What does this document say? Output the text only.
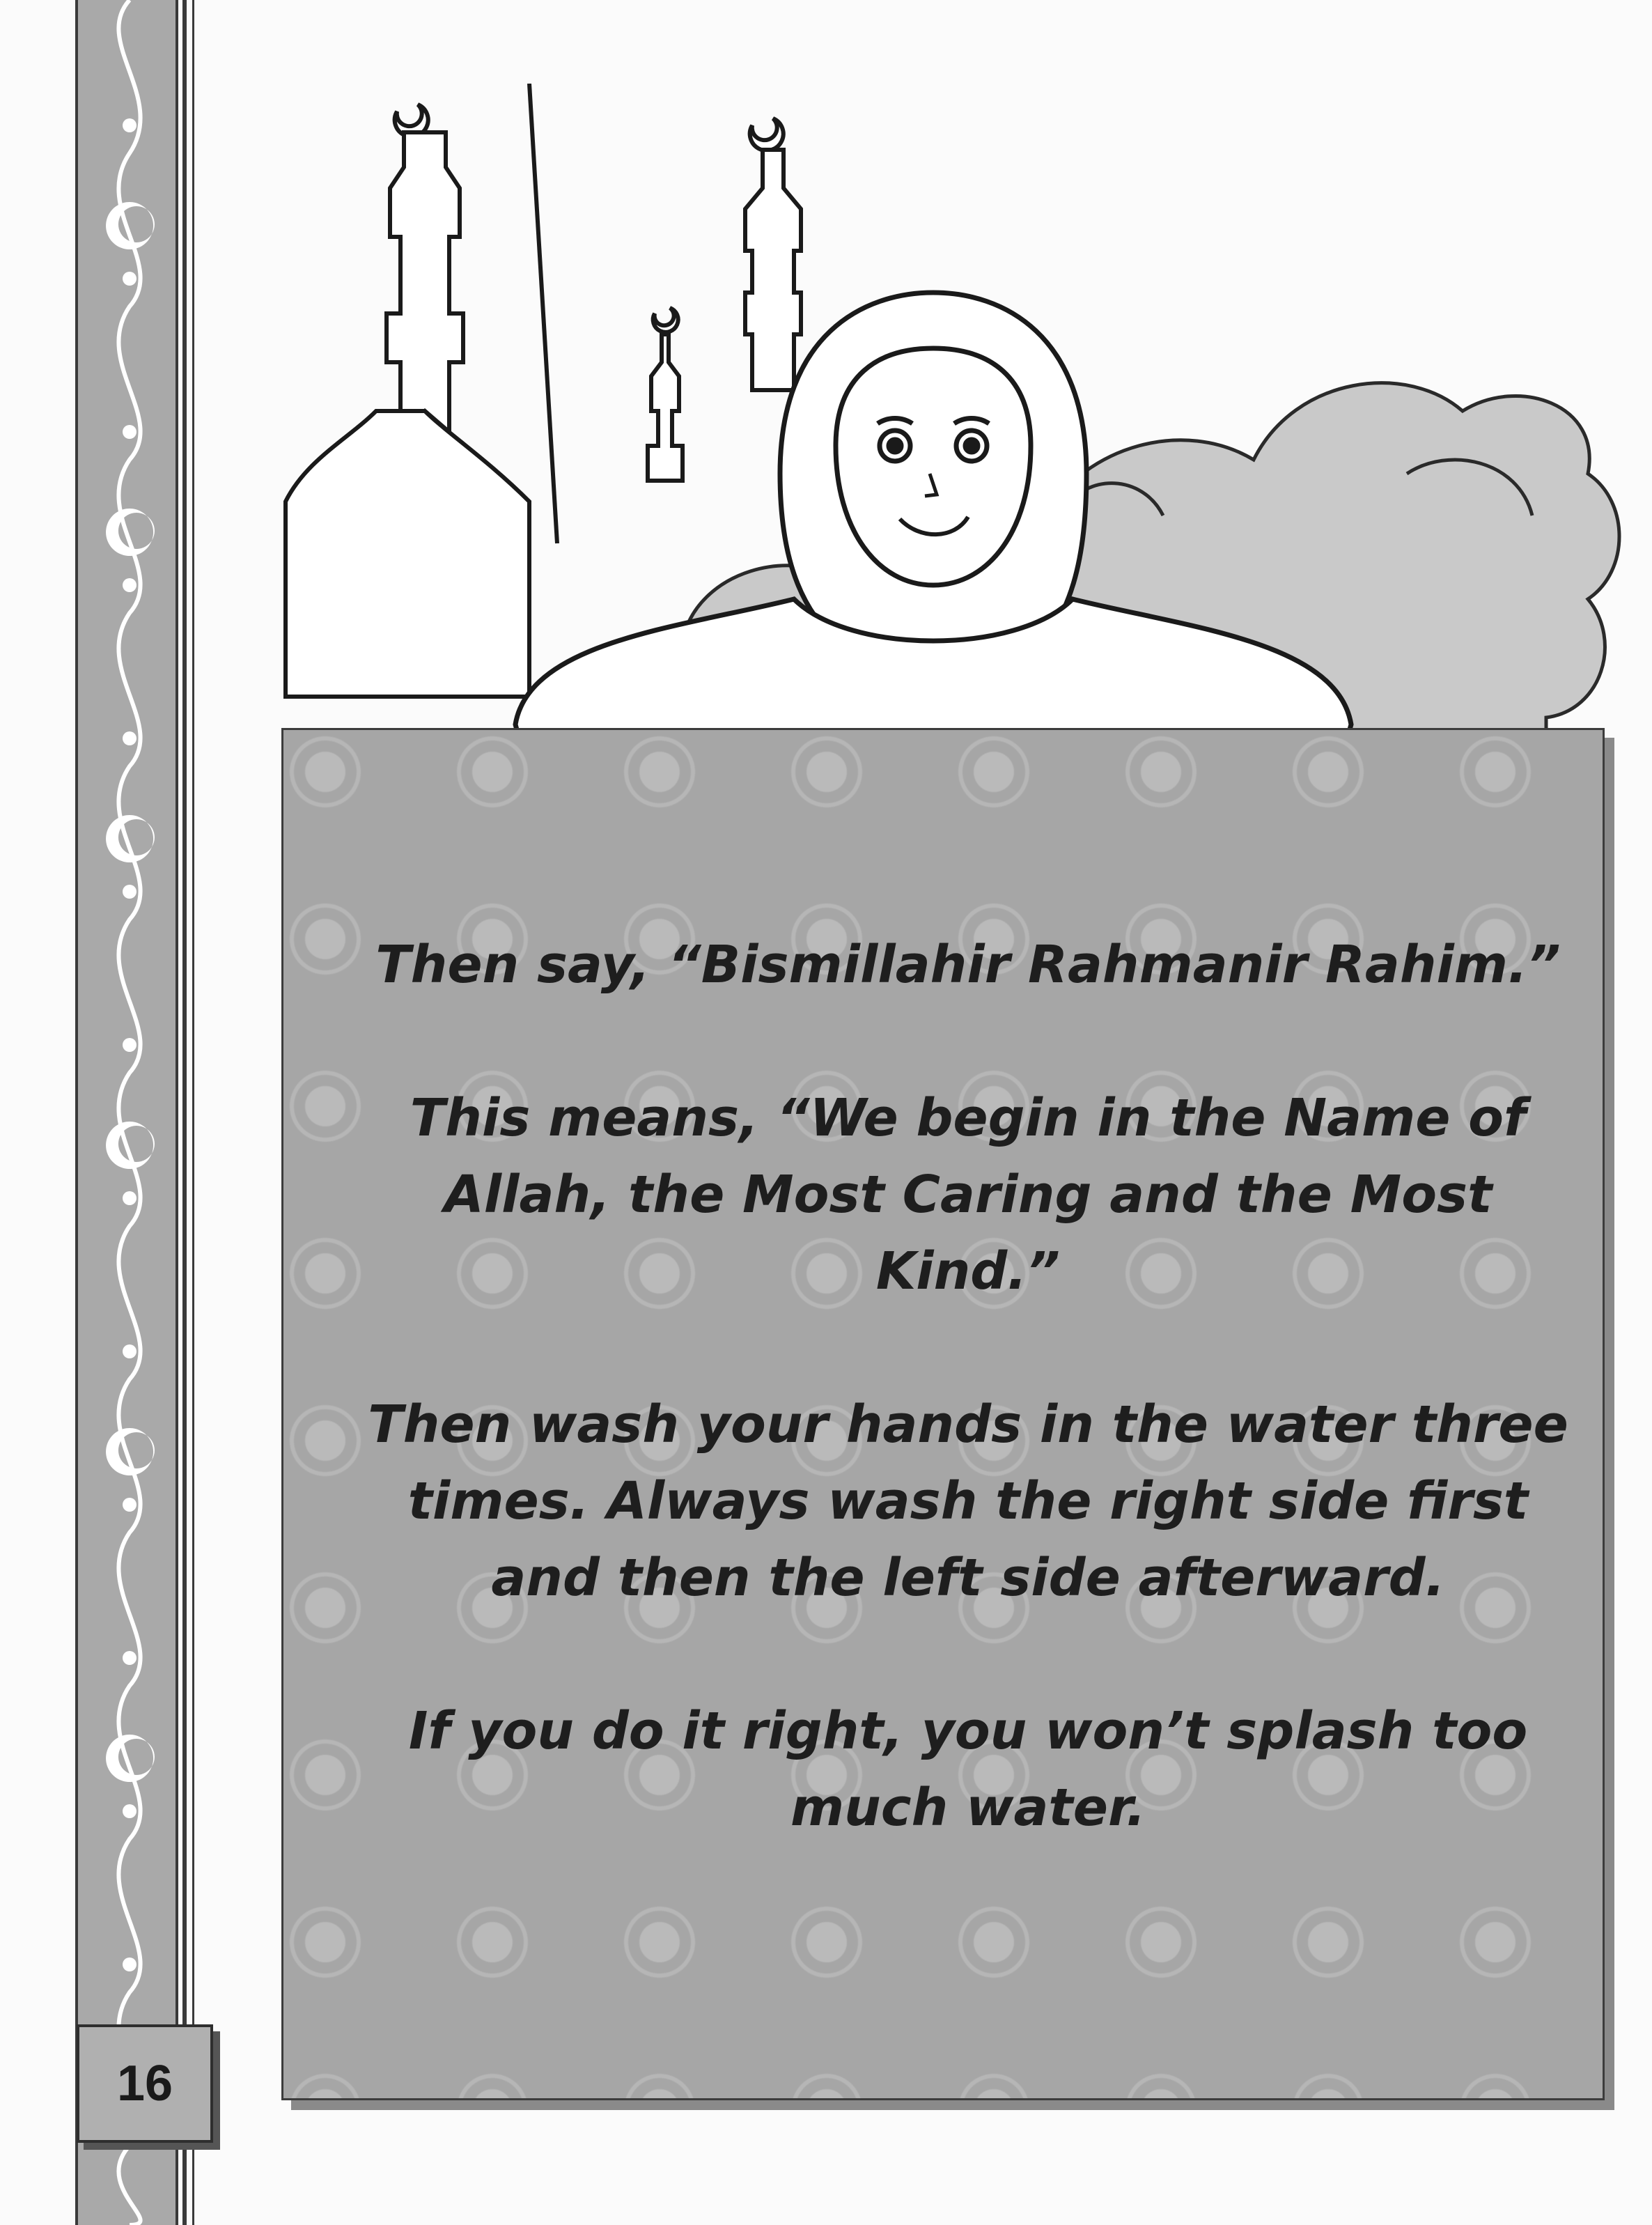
Then say, “Bismillahir Rahmanir Rahim.”

This means, “We begin in the Name of Allah, the Most Caring and the Most Kind.”

Then wash your hands in the water three times. Always wash the right side first and then the left side afterward.

If you do it right, you won’t splash too much water.

16
